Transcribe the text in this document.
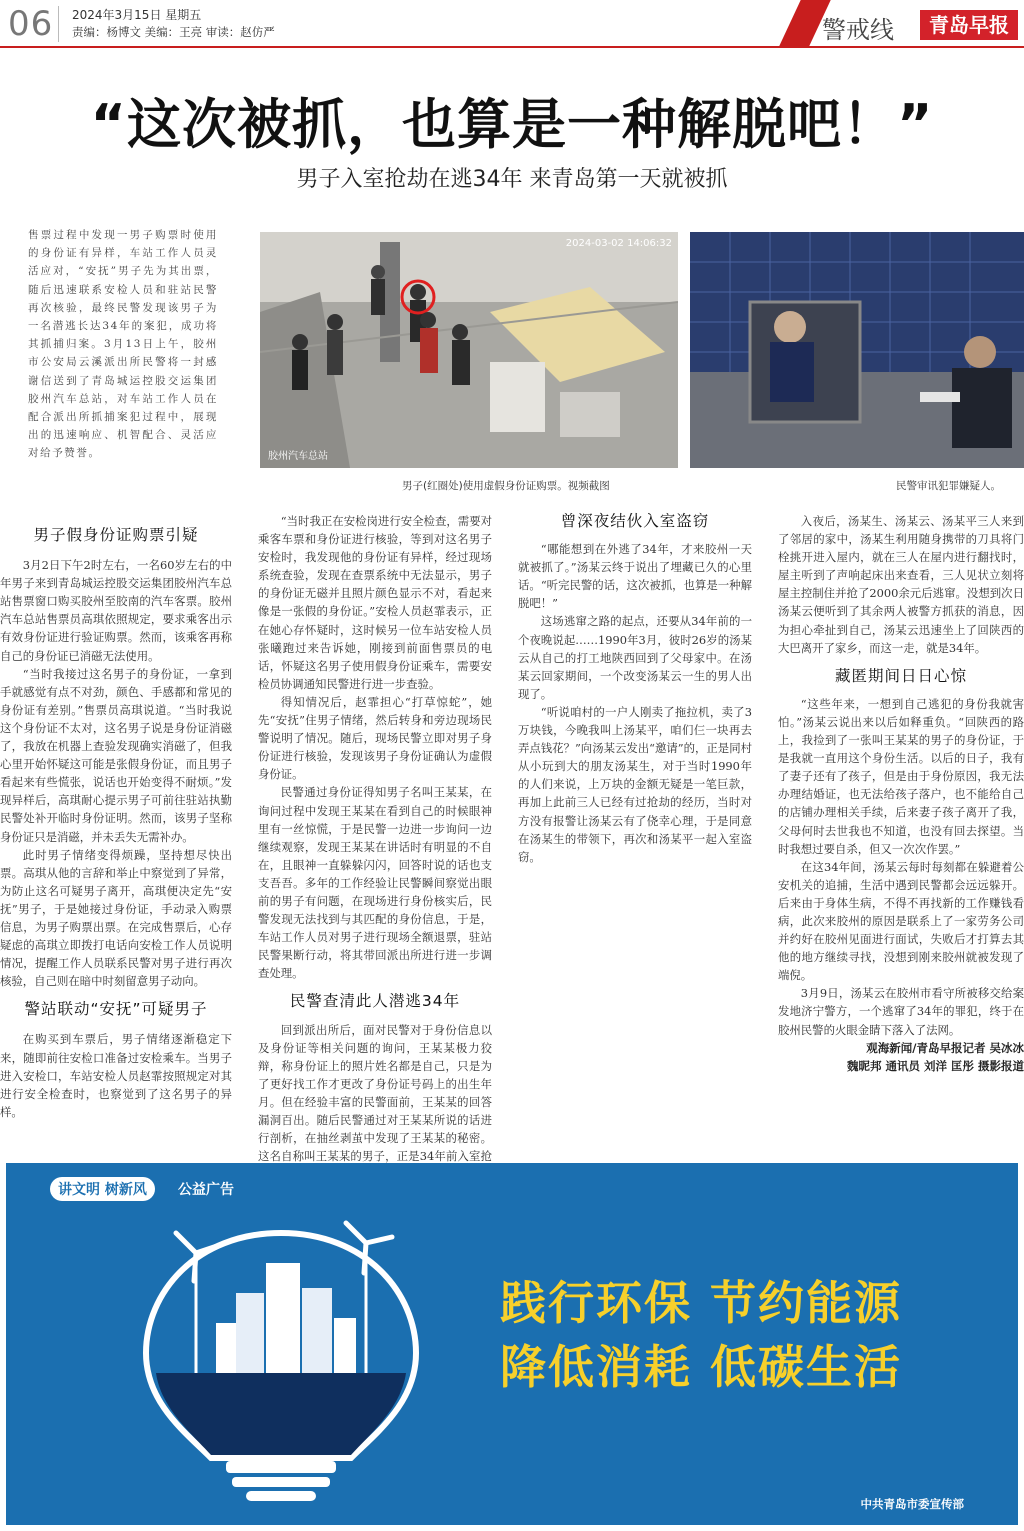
06 2024年3月15日 星期五
责编：杨博文 美编：王亮 审读：赵仿严	警戒线	青岛早报
“这次被抓，也算是一种解脱吧！”
男子入室抢劫在逃34年 来青岛第一天就被抓
售票过程中发现一男子购票时使用的身份证有异样，车站工作人员灵活应对，“安抚”男子先为其出票，随后迅速联系安检人员和驻站民警再次核验，最终民警发现该男子为一名潜逃长达34年的案犯，成功将其抓捕归案。3月13日上午，胶州市公安局云溪派出所民警将一封感谢信送到了青岛城运控股交运集团胶州汽车总站，对车站工作人员在配合派出所抓捕案犯过程中，展现出的迅速响应、机智配合、灵活应对给予赞誉。
2024-03-02 14:06:32
胶州汽车总站
男子(红圈处)使用虚假身份证购票。视频截图	民警审讯犯罪嫌疑人。
男子假身份证购票引疑

3月2日下午2时左右，一名60岁左右的中年男子来到青岛城运控股交运集团胶州汽车总站售票窗口购买胶州至胶南的汽车客票。胶州汽车总站售票员高琪依照规定，要求乘客出示有效身份证进行验证购票。然而，该乘客再称自己的身份证已消磁无法使用。

“当时我接过这名男子的身份证，一拿到手就感觉有点不对劲，颜色、手感都和常见的身份证有差别。”售票员高琪说道。“当时我说这个身份证不太对，这名男子说是身份证消磁了，我放在机器上查验发现确实消磁了，但我心里开始怀疑这可能是张假身份证，而且男子看起来有些慌张，说话也开始变得不耐烦。”发现异样后，高琪耐心提示男子可前往驻站执勤民警处补开临时身份证明。然而，该男子坚称身份证只是消磁，并未丢失无需补办。

此时男子情绪变得烦躁，坚持想尽快出票。高琪从他的言辞和举止中察觉到了异常，为防止这名可疑男子离开，高琪便决定先“安抚”男子，于是她接过身份证，手动录入购票信息，为男子购票出票。在完成售票后，心存疑虑的高琪立即拨打电话向安检工作人员说明情况，提醒工作人员联系民警对男子进行再次核验，自己则在暗中时刻留意男子动向。

警站联动“安抚”可疑男子

在购买到车票后，男子情绪逐渐稳定下来，随即前往安检口准备过安检乘车。当男子进入安检口，车站安检人员赵霏按照规定对其进行安全检查时，也察觉到了这名男子的异样。

“当时我正在安检岗进行安全检查，需要对乘客车票和身份证进行核验，等到对这名男子安检时，我发现他的身份证有异样，经过现场系统查验，发现在查票系统中无法显示，男子的身份证无磁并且照片颜色显示不对，看起来像是一张假的身份证。”安检人员赵霏表示，正在她心存怀疑时，这时候另一位车站安检人员张曦跑过来告诉她，刚接到前面售票员的电话，怀疑这名男子使用假身份证乘车，需要安检员协调通知民警进行进一步查验。

得知情况后，赵霏担心“打草惊蛇”，她先“安抚”住男子情绪，然后转身和旁边现场民警说明了情况。随后，现场民警立即对男子身份证进行核验，发现该男子身份证确认为虚假身份证。

民警通过身份证得知男子名叫王某某，在询问过程中发现王某某在看到自己的时候眼神里有一丝惊慌，于是民警一边进一步询问一边继续观察，发现王某某在讲话时有明显的不自在，且眼神一直躲躲闪闪，回答时说的话也支支吾吾。多年的工作经验让民警瞬间察觉出眼前的男子有问题，在现场进行身份核实后，民警发现无法找到与其匹配的身份信息，于是，车站工作人员对男子进行现场全额退票，驻站民警果断行动，将其带回派出所进行进一步调查处理。

民警查清此人潜逃34年

回到派出所后，面对民警对于身份信息以及身份证等相关问题的询问，王某某极力狡辩，称身份证上的照片姓名都是自己，只是为了更好找工作才更改了身份证号码上的出生年月。但在经验丰富的民警面前，王某某的回答漏洞百出。随后民警通过对王某某所说的话进行剖析，在抽丝剥茧中发现了王某某的秘密。这名自称叫王某某的男子，正是34年前入室抢

曾深夜结伙入室盗窃

“哪能想到在外逃了34年，才来胶州一天就被抓了。”汤某云终于说出了埋藏已久的心里话。“听完民警的话，这次被抓，也算是一种解脱吧！”

这场逃窜之路的起点，还要从34年前的一个夜晚说起……1990年3月，彼时26岁的汤某云从自己的打工地陕西回到了父母家中。在汤某云回家期间，一个改变汤某云一生的男人出现了。

“听说咱村的一户人刚卖了拖拉机，卖了3万块钱，今晚我叫上汤某平，咱们仨一块再去弄点钱花？”向汤某云发出“邀请”的，正是同村从小玩到大的朋友汤某生，对于当时1990年的人们来说，上万块的金额无疑是一笔巨款，再加上此前三人已经有过抢劫的经历，当时对方没有报警让汤某云有了侥幸心理，于是同意在汤某生的带领下，再次和汤某平一起入室盗窃。

入夜后，汤某生、汤某云、汤某平三人来到了邻居的家中，汤某生利用随身携带的刀具将门栓挑开进入屋内，就在三人在屋内进行翻找时，屋主听到了声响起床出来查看，三人见状立刻将屋主控制住并抢了2000余元后逃窜。没想到次日汤某云便听到了其余两人被警方抓获的消息，因为担心牵扯到自己，汤某云迅速坐上了回陕西的大巴离开了家乡，而这一走，就是34年。

藏匿期间日日心惊

“这些年来，一想到自己逃犯的身份我就害怕。”汤某云说出来以后如释重负。“回陕西的路上，我捡到了一张叫王某某的男子的身份证，于是我就一直用这个身份生活。以后的日子，我有了妻子还有了孩子，但是由于身份原因，我无法办理结婚证，也无法给孩子落户，也不能给自己的店铺办理相关手续，后来妻子孩子离开了我，父母何时去世我也不知道，也没有回去探望。当时我想过要自杀，但又一次次作罢。”

在这34年间，汤某云每时每刻都在躲避着公安机关的追捕，生活中遇到民警都会远远躲开。后来由于身体生病，不得不再找新的工作赚钱看病，此次来胶州的原因是联系上了一家劳务公司并约好在胶州见面进行面试，失败后才打算去其他的地方继续寻找，没想到刚来胶州就被发现了端倪。

3月9日，汤某云在胶州市看守所被移交给案发地济宁警方，一个逃窜了34年的罪犯，终于在胶州民警的火眼金睛下落入了法网。

观海新闻/青岛早报记者 吴冰冰
魏昵邦 通讯员 刘洋 匡彤 摄影报道
讲文明 树新风	公益广告
践行环保 节约能源
降低消耗 低碳生活
中共青岛市委宣传部
